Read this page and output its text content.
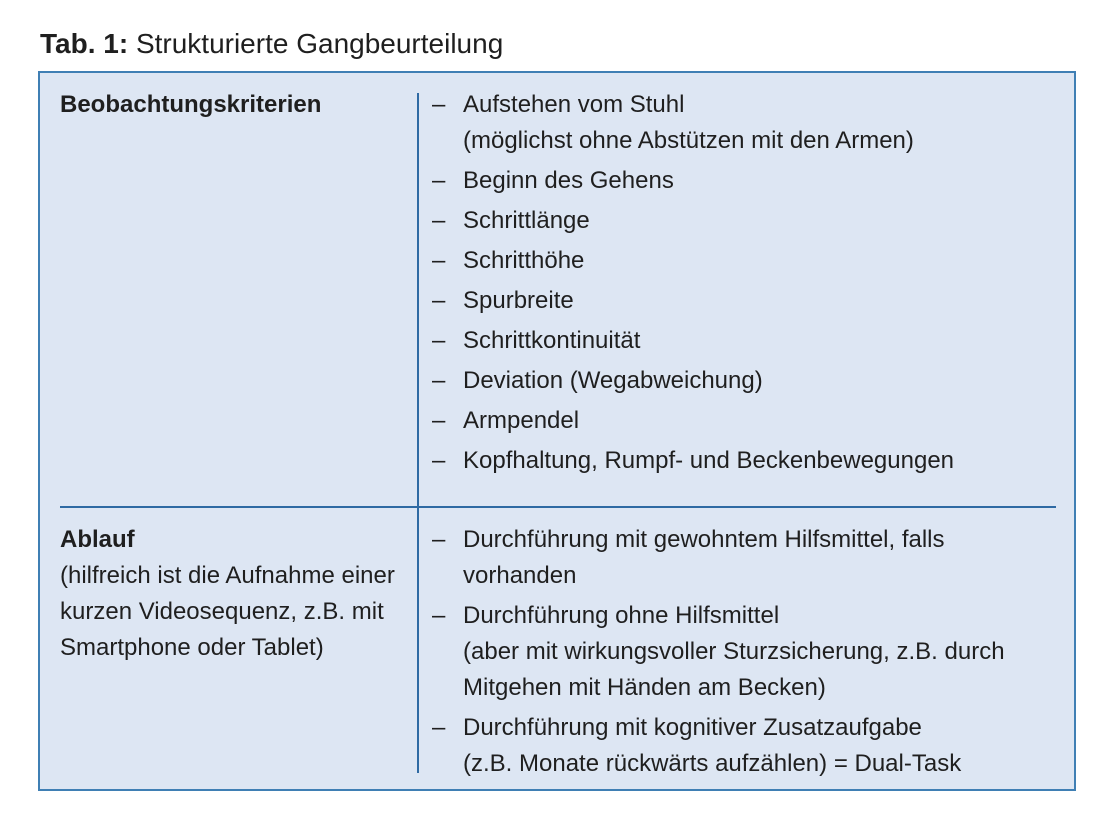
Tab. 1: Strukturierte Gangbeurteilung
Beobachtungskriterien	– Aufstehen vom Stuhl
(möglichst ohne Abstützen mit den Armen)
– Beginn des Gehens
– Schrittlänge
– Schritthöhe
– Spurbreite
– Schrittkontinuität
– Deviation (Wegabweichung)
– Armpendel
– Kopfhaltung, Rumpf- und Beckenbewegungen
Ablauf
(hilfreich ist die Aufnahme einer kurzen Videosequenz, z.B. mit Smartphone oder Tablet)
– Durchführung mit gewohntem Hilfsmittel, falls vorhanden
– Durchführung ohne Hilfsmittel
(aber mit wirkungsvoller Sturzsicherung, z.B. durch Mitgehen mit Händen am Becken)
– Durchführung mit kognitiver Zusatzaufgabe
(z.B. Monate rückwärts aufzählen) = Dual-Task
